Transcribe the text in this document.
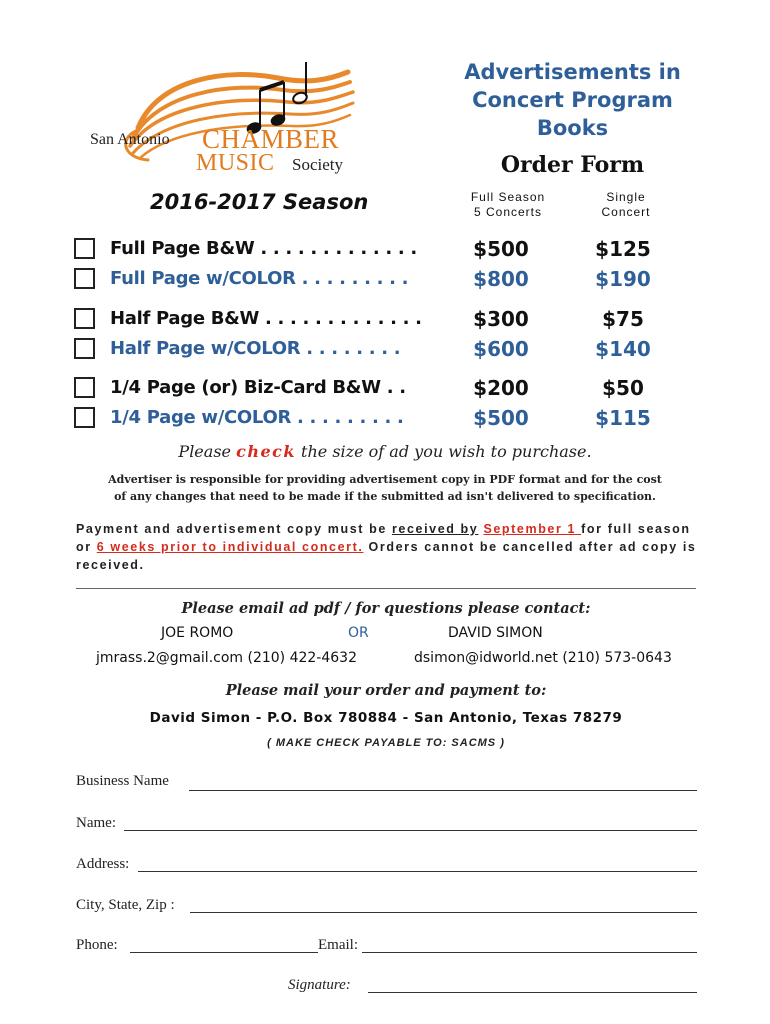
San Antonio CHAMBER
MUSIC Society
Advertisements in
Concert Program
Books
Order Form
2016-2017 Season	Full Season
5 Concerts
Single
Concert
Full Page B&W . . . . . . . . . . . . .	$500	$125
Full Page w/COLOR . . . . . . . . .	$800	$190
Half Page B&W . . . . . . . . . . . . .	$300	$75
Half Page w/COLOR . . . . . . . .	$600	$140
1/4 Page (or) Biz-Card B&W . .	$200	$50
1/4 Page w/COLOR . . . . . . . . .	$500	$115
Please check the size of ad you wish to purchase.
Advertiser is responsible for providing advertisement copy in PDF format and for the cost
of any changes that need to be made if the submitted ad isn't delivered to specification.
Payment and advertisement copy must be received by September 1 for full season or 6 weeks prior to individual concert. Orders cannot be cancelled after ad copy is received.
Please email ad pdf / for questions please contact:
JOE ROMO	OR	DAVID SIMON
jmrass.2@gmail.com (210) 422-4632	dsimon@idworld.net (210) 573-0643
Please mail your order and payment to:
David Simon - P.O. Box 780884 - San Antonio, Texas 78279
( MAKE CHECK PAYABLE TO: SACMS )
Business Name
Name:
Address:
City, State, Zip :
Phone:	Email:
Signature:
